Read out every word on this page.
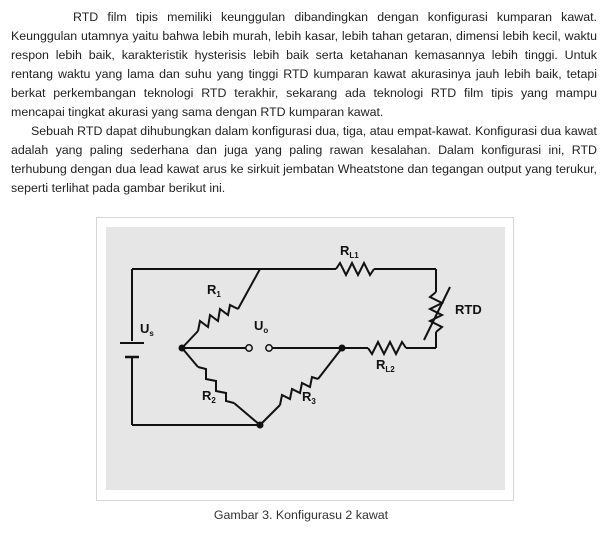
RTD film tipis memiliki keunggulan dibandingkan dengan konfigurasi kumparan kawat. Keunggulan utamnya yaitu bahwa lebih murah, lebih kasar, lebih tahan getaran, dimensi lebih kecil, waktu respon lebih baik, karakteristik hysterisis lebih baik serta ketahanan kemasannya lebih tinggi. Untuk rentang waktu yang lama dan suhu yang tinggi RTD kumparan kawat akurasinya jauh lebih baik, tetapi berkat perkembangan teknologi RTD terakhir, sekarang ada teknologi RTD film tipis yang mampu mencapai tingkat akurasi yang sama dengan RTD kumparan kawat.

Sebuah RTD dapat dihubungkan dalam konfigurasi dua, tiga, atau empat-kawat. Konfigurasi dua kawat adalah yang paling sederhana dan juga yang paling rawan kesalahan. Dalam konfigurasi ini, RTD terhubung dengan dua lead kawat arus ke sirkuit jembatan Wheatstone dan tegangan output yang terukur, seperti terlihat pada gambar berikut ini.

$R_{L1}$
$R_1$
RTD
$U_s$
$U_o$
$R_{L2}$
$R_2$	$R_3$
Gambar 3. Konfigurasu 2 kawat
